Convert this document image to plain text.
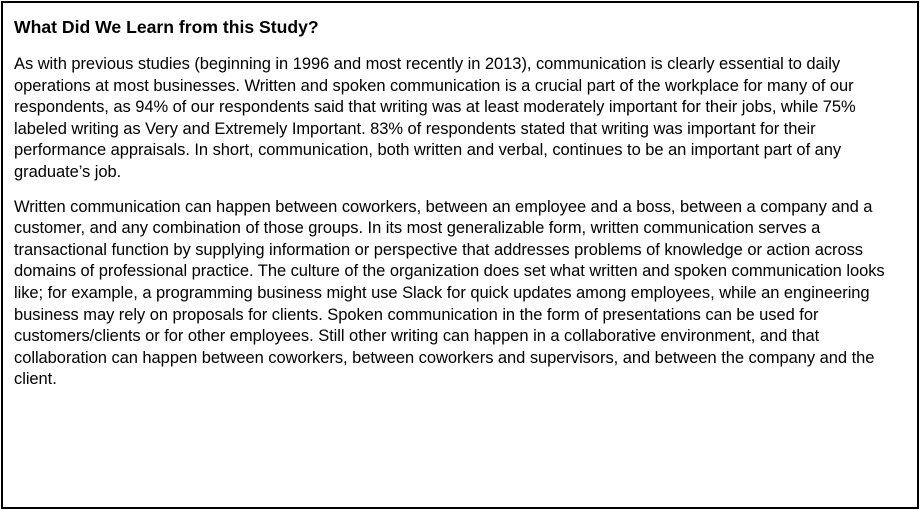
What Did We Learn from this Study?

As with previous studies (beginning in 1996 and most recently in 2013), communication is clearly essential to daily operations at most businesses. Written and spoken communication is a crucial part of the workplace for many of our respondents, as 94% of our respondents said that writing was at least moderately important for their jobs, while 75% labeled writing as Very and Extremely Important. 83% of respondents stated that writing was important for their performance appraisals. In short, communication, both written and verbal, continues to be an important part of any graduate’s job.

Written communication can happen between coworkers, between an employee and a boss, between a company and a customer, and any combination of those groups. In its most generalizable form, written communication serves a transactional function by supplying information or perspective that addresses problems of knowledge or action across domains of professional practice. The culture of the organization does set what written and spoken communication looks like; for example, a programming business might use Slack for quick updates among employees, while an engineering business may rely on proposals for clients. Spoken communication in the form of presentations can be used for customers/clients or for other employees. Still other writing can happen in a collaborative environment, and that collaboration can happen between coworkers, between coworkers and supervisors, and between the company and the client.
